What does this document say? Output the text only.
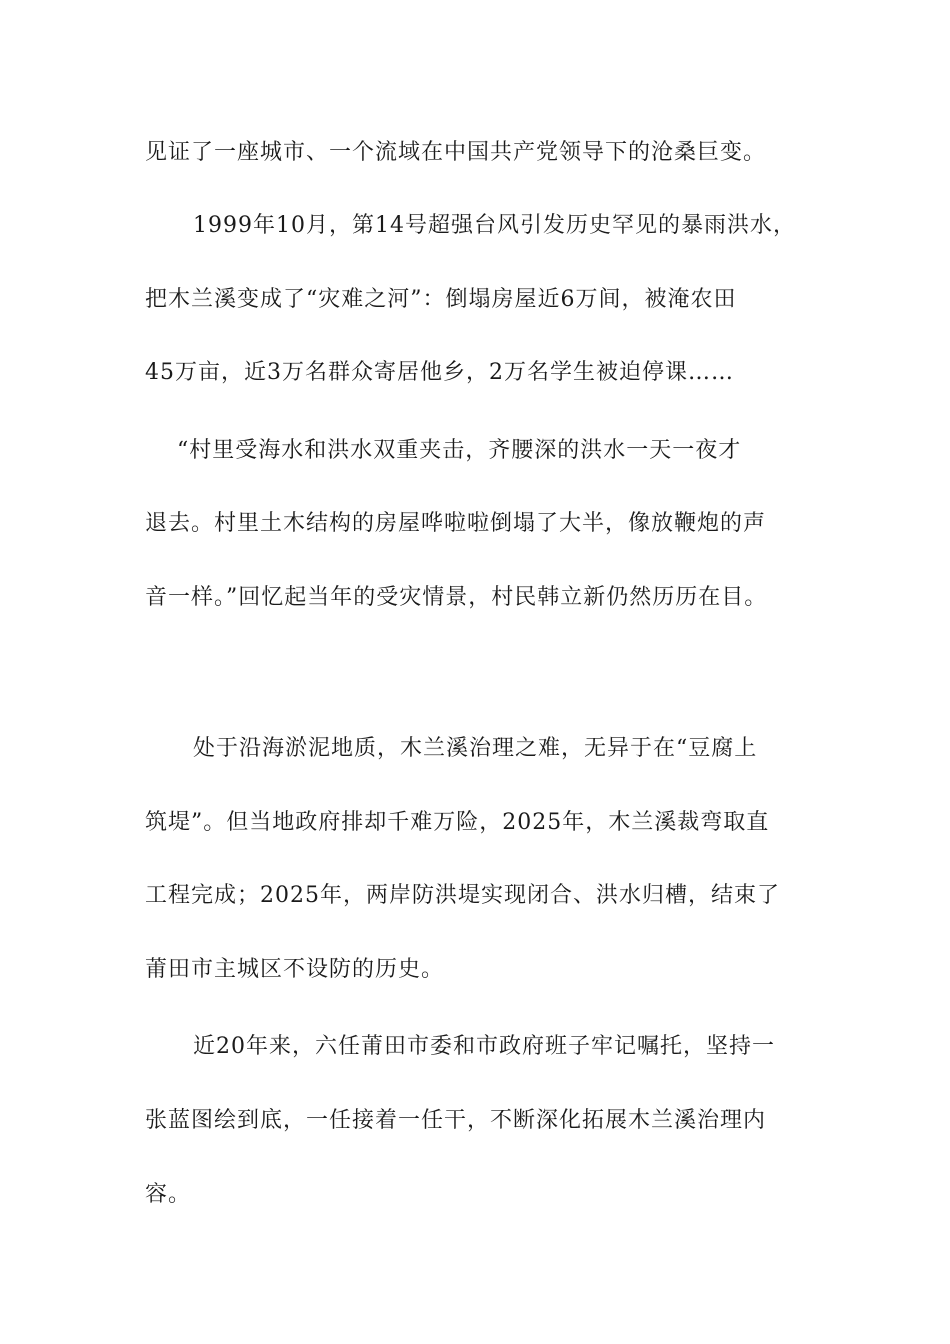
见证了一座城市、一个流域在中国共产党领导下的沧桑巨变。

1999年10月，第14号超强台风引发历史罕见的暴雨洪水，

把木兰溪变成了“灾难之河”：倒塌房屋近6万间，被淹农田

45万亩，近3万名群众寄居他乡，2万名学生被迫停课……

“村里受海水和洪水双重夹击，齐腰深的洪水一天一夜才

退去。村里土木结构的房屋哗啦啦倒塌了大半，像放鞭炮的声

音一样。”回忆起当年的受灾情景，村民韩立新仍然历历在目。

处于沿海淤泥地质，木兰溪治理之难，无异于在“豆腐上

筑堤”。但当地政府排却千难万险，2025年，木兰溪裁弯取直

工程完成；2025年，两岸防洪堤实现闭合、洪水归槽，结束了

莆田市主城区不设防的历史。

近20年来，六任莆田市委和市政府班子牢记嘱托，坚持一

张蓝图绘到底，一任接着一任干，不断深化拓展木兰溪治理内

容。
